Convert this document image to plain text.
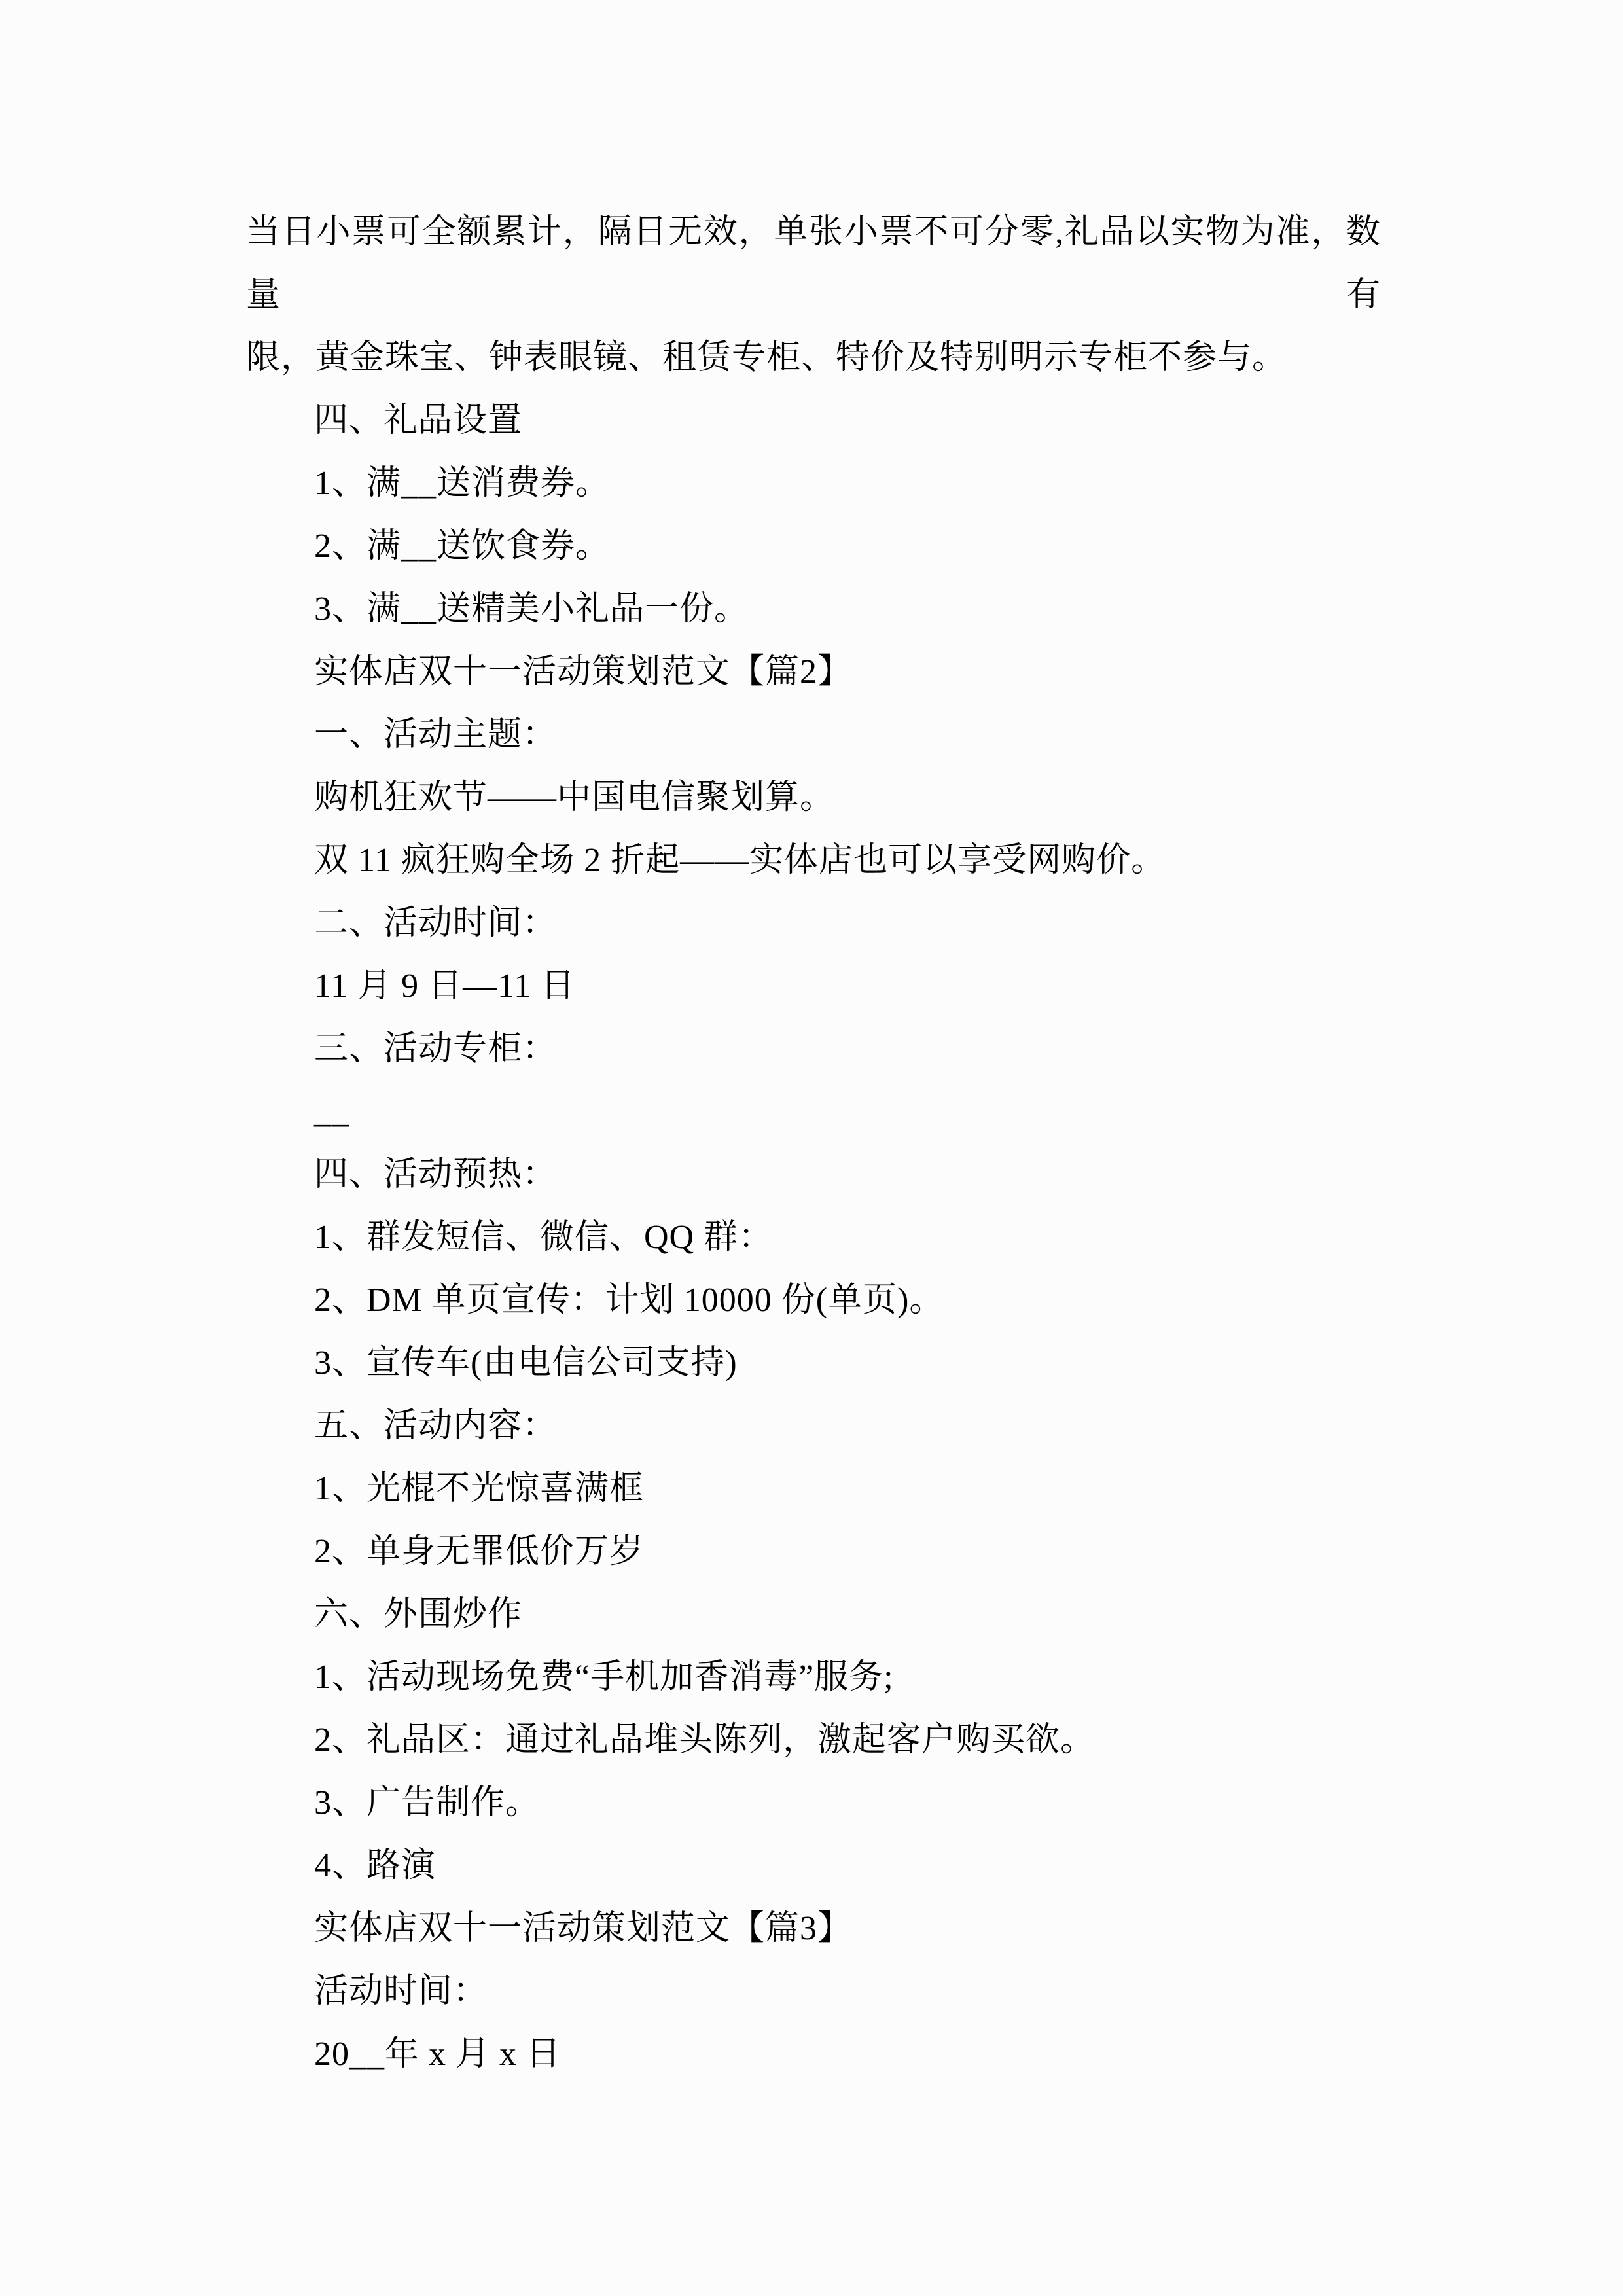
当日小票可全额累计，隔日无效，单张小票不可分零,礼品以实物为准，数量有

限，黄金珠宝、钟表眼镜、租赁专柜、特价及特别明示专柜不参与。

四、礼品设置

1、满__送消费券。

2、满__送饮食券。

3、满__送精美小礼品一份。

实体店双十一活动策划范文【篇2】

一、活动主题：

购机狂欢节——中国电信聚划算。

双 11 疯狂购全场 2 折起——实体店也可以享受网购价。

二、活动时间：

11 月 9 日—11 日

三、活动专柜：

__

四、活动预热：

1、群发短信、微信、QQ 群：

2、DM 单页宣传：计划 10000 份(单页)。

3、宣传车(由电信公司支持)

五、活动内容：

1、光棍不光惊喜满框

2、单身无罪低价万岁

六、外围炒作

1、活动现场免费“手机加香消毒”服务;

2、礼品区：通过礼品堆头陈列，激起客户购买欲。

3、广告制作。

4、路演

实体店双十一活动策划范文【篇3】

活动时间：

20__年 x 月 x 日
